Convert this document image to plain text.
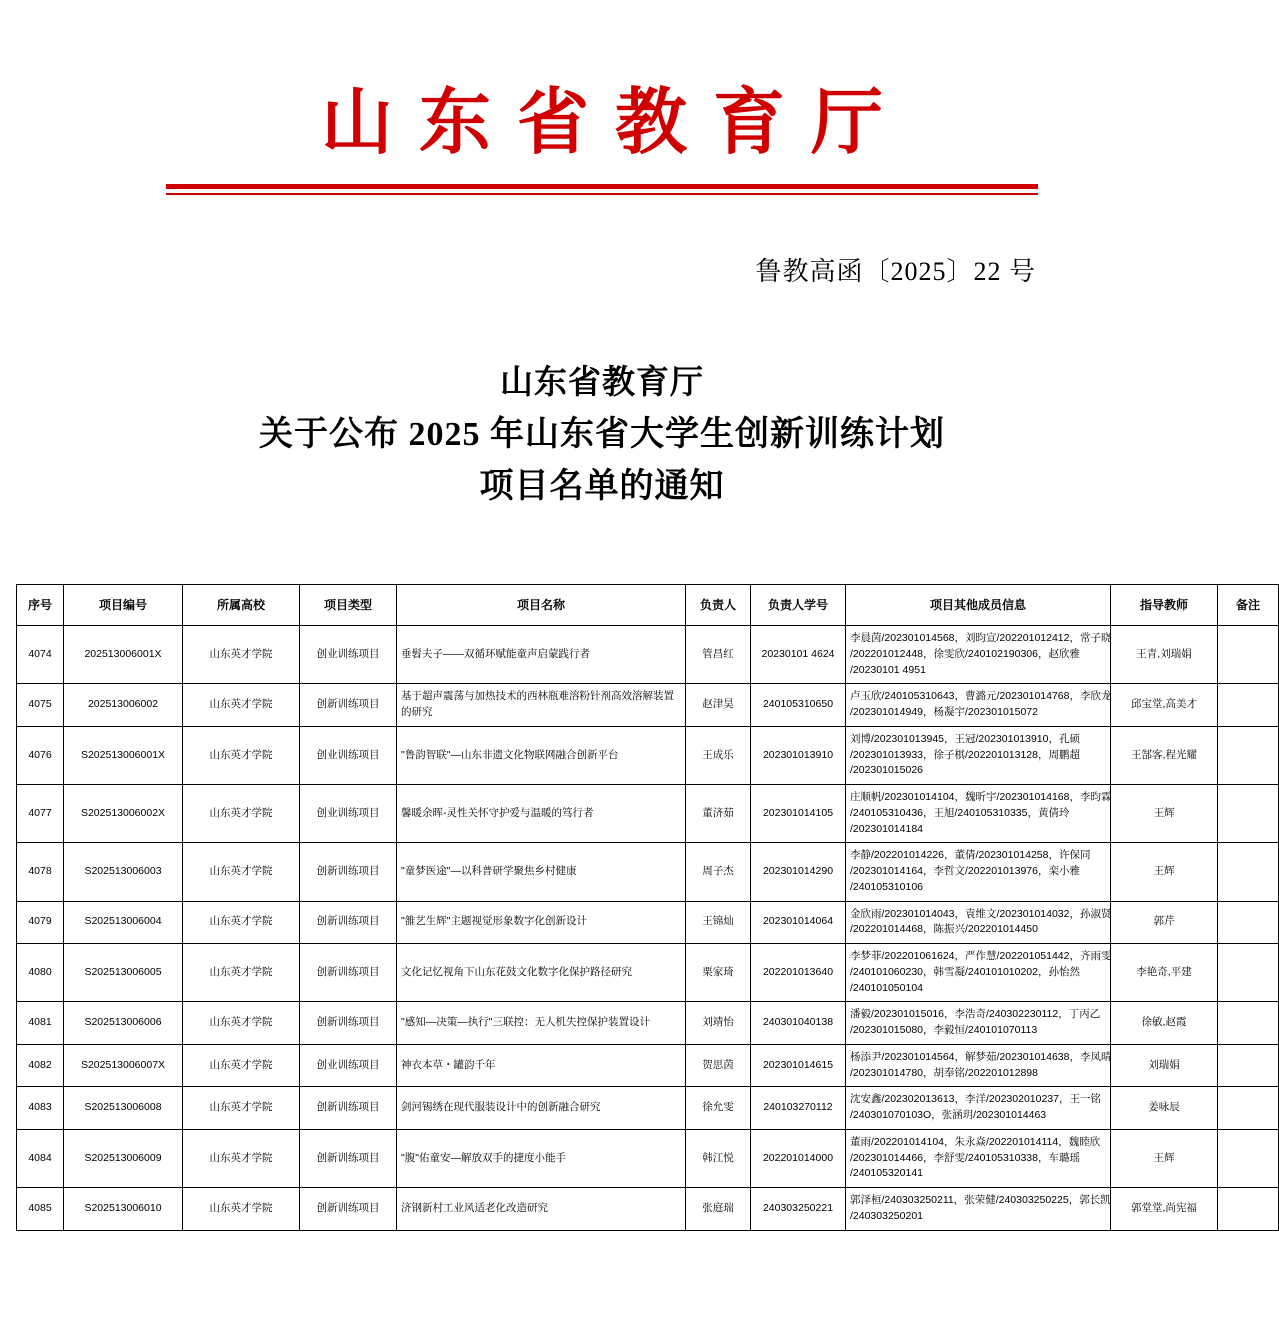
山东省教育厅
鲁教高函〔2025〕22 号
山东省教育厅
关于公布 2025 年山东省大学生创新训练计划
项目名单的通知
序号	项目编号	所属高校	项目类型	项目名称	负责人	负责人学号	项目其他成员信息	指导教师	备注
4074	202513006001X	山东英才学院	创业训练项目	垂髫夫子——双循环赋能童声启蒙践行者	管昌红	20230101 4624	李晨茵/202301014568，刘昀宣/202201012412，常子晓
/202201012448，徐雯欣/240102190306，赵欣雅
/20230101 4951	王青,刘瑞娟	
4075	202513006002	山东英才学院	创新训练项目	基于超声震荡与加热技术的西林瓶难溶粉针剂高效溶解装置的研究	赵津昊	240105310650	卢玉欣/240105310643，曹潞元/202301014768，李欣龙
/202301014949，杨凝宇/202301015072	邱宝堂,高美才	
4076	S202513006001X	山东英才学院	创业训练项目	"鲁韵智联"—山东非遗文化物联网融合创新平台	王成乐	202301013910	刘博/202301013945，王冠/202301013910，孔硕
/202301013933，徐子棋/202201013128，周鹏超
/202301015026	王郜客,程光耀	
4077	S202513006002X	山东英才学院	创业训练项目	馨暖余晖-灵性关怀守护爱与温暖的笃行者	董济茹	202301014105	庄顺帆/202301014104，魏昕宇/202301014168，李昀霖
/240105310436，王旭/240105310335，黄倩玲
/202301014184	王辉	
4078	S202513006003	山东英才学院	创新训练项目	"童梦医途"—以科普研学聚焦乡村健康	周子杰	202301014290	李静/202201014226，董倩/202301014258，许保同
/202301014164，李哲文/202201013976，栾小雅
/240105310106	王辉	
4079	S202513006004	山东英才学院	创新训练项目	"雒艺生辉"主题视觉形象数字化创新设计	王锦灿	202301014064	金欣雨/202301014043，袁维文/202301014032，孙淑贤
/202201014468，陈振兴/202201014450	郭芹	
4080	S202513006005	山东英才学院	创新训练项目	文化记忆视角下山东花鼓文化数字化保护路径研究	栗家琦	202201013640	李梦菲/202201061624，严作慧/202201051442，齐雨雯
/240101060230，韩雪凝/240101010202，孙怡然
/240101050104	李艳奇,平建	
4081	S202513006006	山东英才学院	创新训练项目	"感知—决策—执行"三联控：无人机失控保护装置设计	刘靖怡	240301040138	潘毅/202301015016，李浩奇/240302230112，丁丙乙
/202301015080，李毅恒/240101070113	徐敏,赵霞	
4082	S202513006007X	山东英才学院	创业训练项目	神衣本草・罐韵千年	贺思茵	202301014615	杨添尹/202301014564，解梦茹/202301014638，李凤晴
/202301014780，胡奉铭/202201012898	刘瑞娟	
4083	S202513006008	山东英才学院	创新训练项目	剑河锡绣在现代服装设计中的创新融合研究	徐允雯	240103270112	沈安鑫/202302013613，李洋/202302010237，王一铭
/240301070103O，张涵玥/202301014463	姜咏辰	
4084	S202513006009	山东英才学院	创新训练项目	"腹"佑童安—解放双手的捷度小能手	韩江悦	202201014000	董雨/202201014104，朱永焱/202201014114，魏睦欣
/202301014466，李舒雯/240105310338，车璐瑶
/240105320141	王辉	
4085	S202513006010	山东英才学院	创新训练项目	济钢新村工业风适老化改造研究	张庭瑞	240303250221	郭泽桓/240303250211，张荣健/240303250225，郭长凯
/240303250201	郭堂堂,尚宪福	
